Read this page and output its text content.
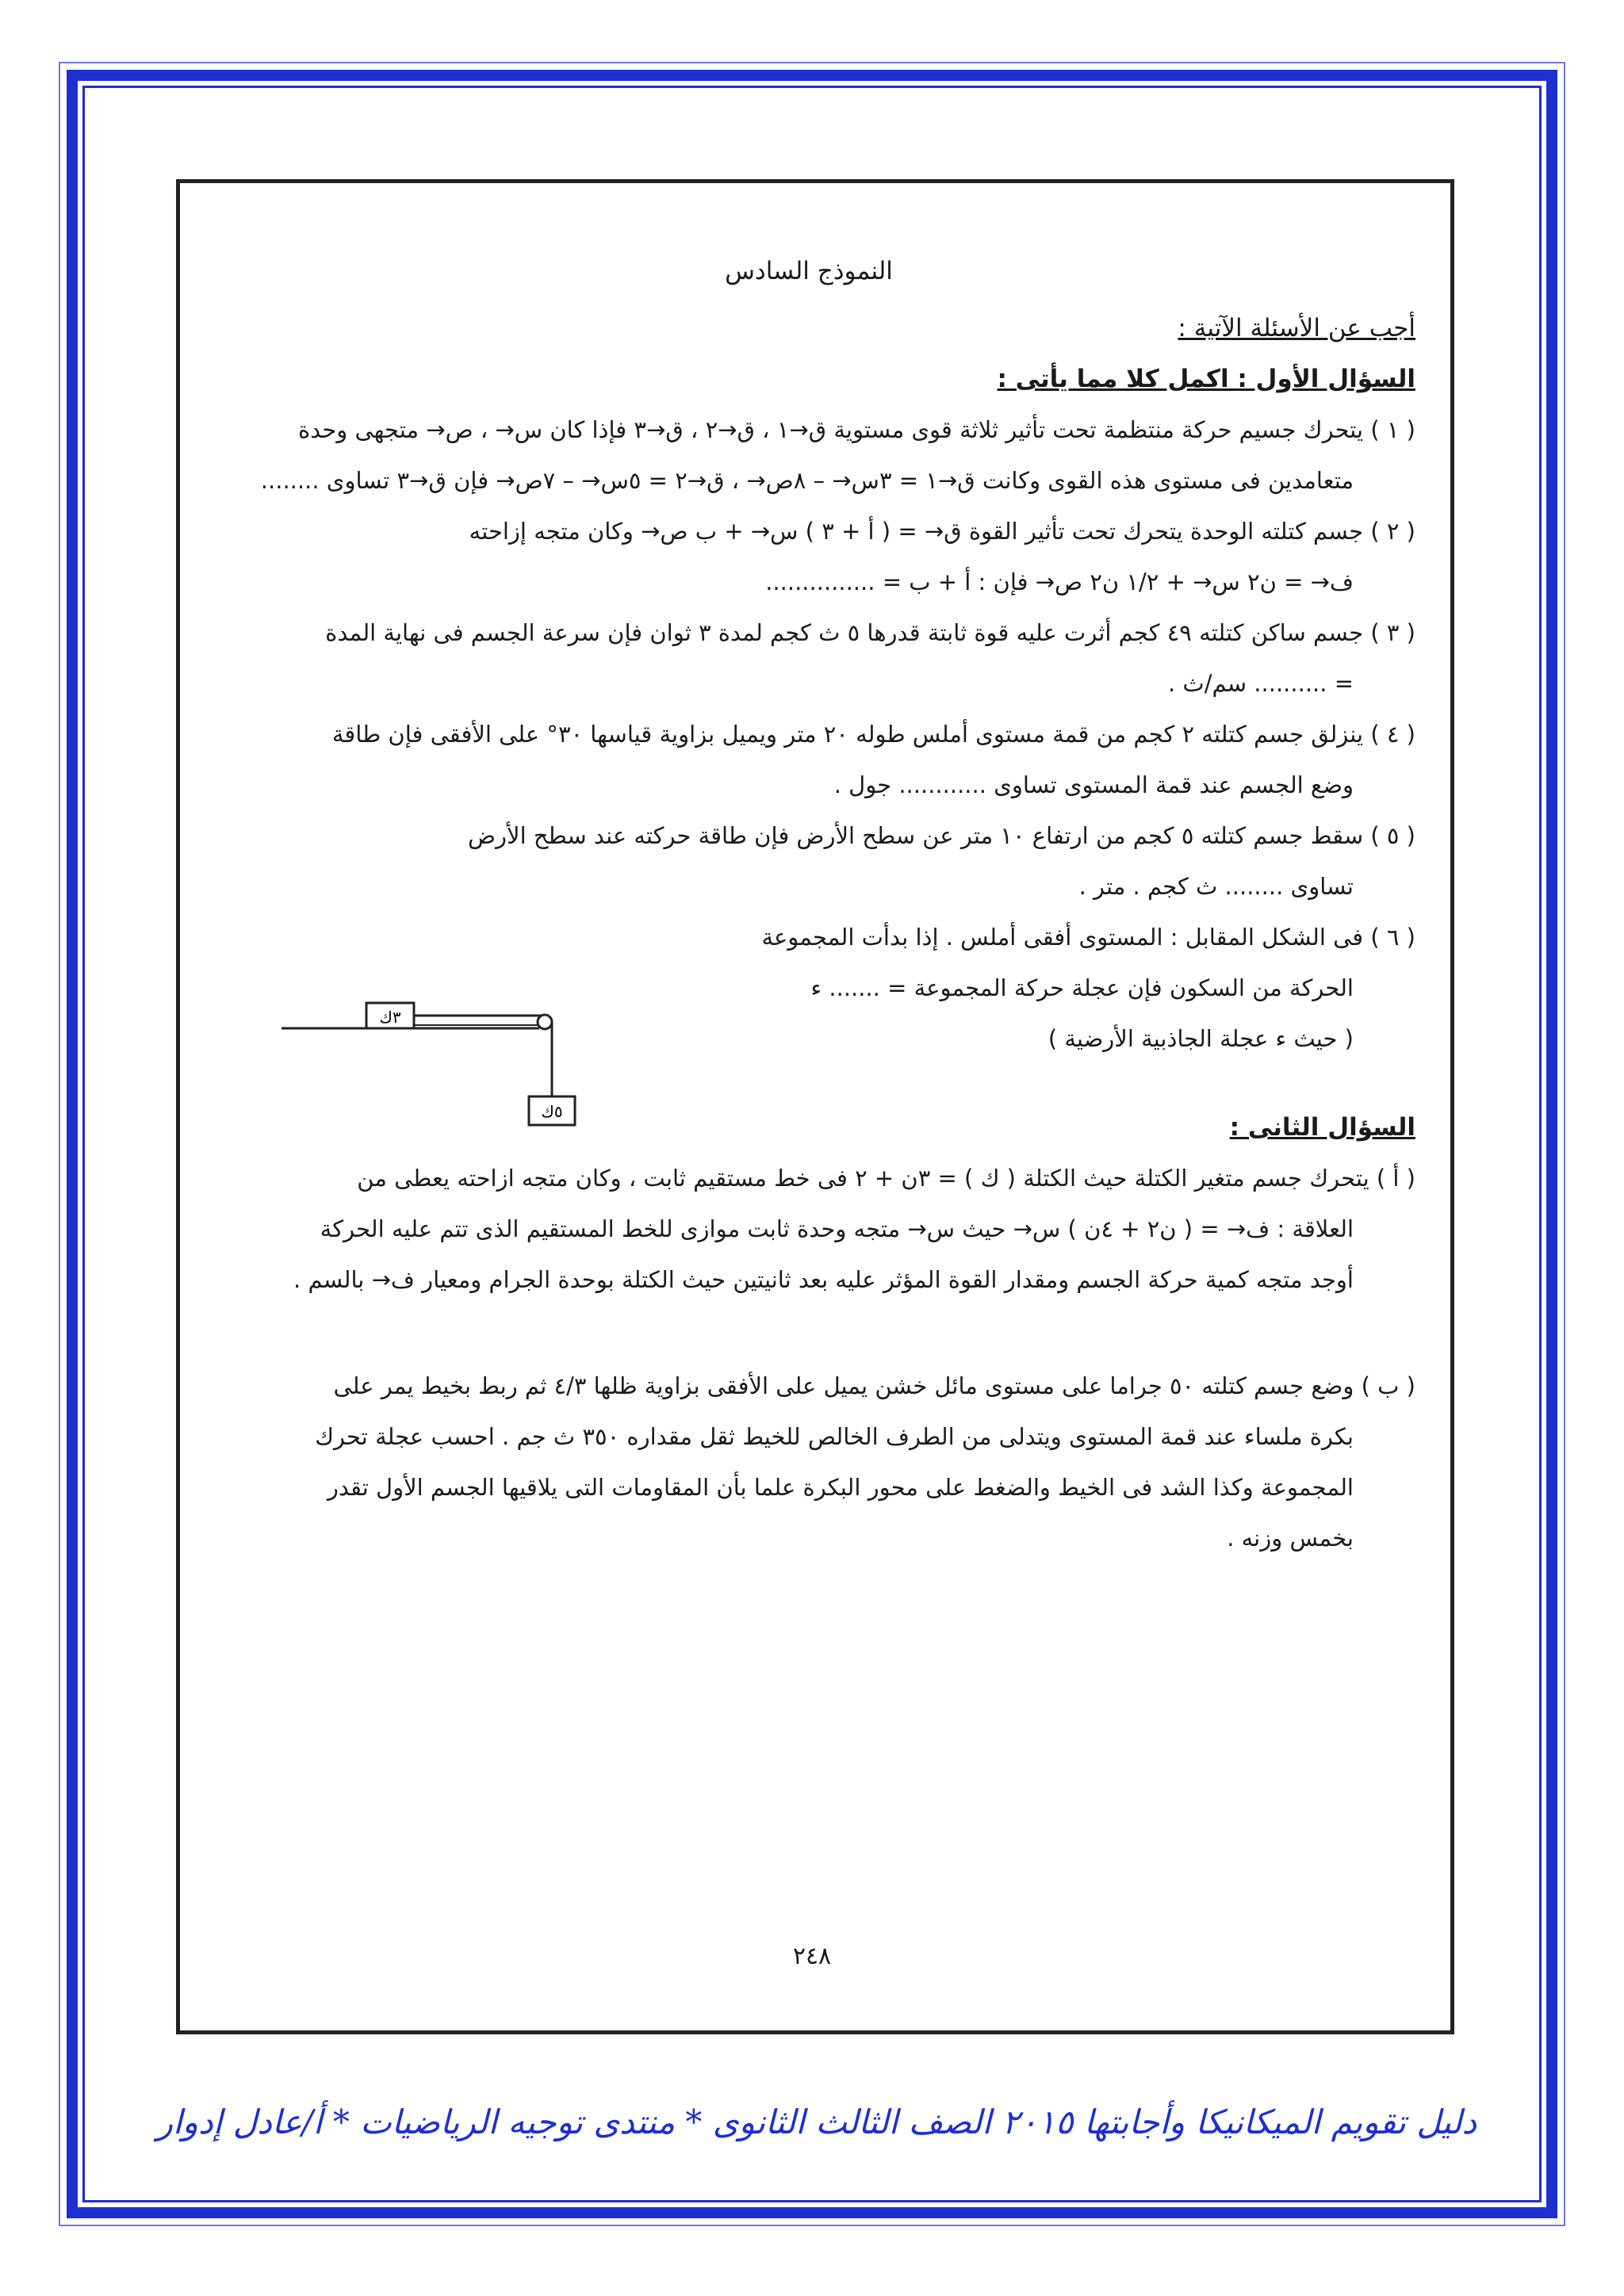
النموذج السادس
أجب عن الأسئلة الآتية :
السؤال الأول : اكمل كلا مما يأتى :
( ١ ) يتحرك جسيم حركة منتظمة تحت تأثير ثلاثة قوى مستوية ق→١ ، ق→٢ ، ق→٣ فإذا كان س→ ، ص→ متجهى وحدة
متعامدين فى مستوى هذه القوى وكانت ق→١ = ٣س→ – ٨ص→ ، ق→٢ = ٥س→ – ٧ص→ فإن ق→٣ تساوى ........
( ٢ ) جسم كتلته الوحدة يتحرك تحت تأثير القوة ق→ = ( أ + ٣ ) س→ + ب ص→ وكان متجه إزاحته
ف→ = ن٢ س→ + ١/٢ ن٢ ص→ فإن : أ + ب = ...............
( ٣ ) جسم ساكن كتلته ٤٩ كجم أثرت عليه قوة ثابتة قدرها ٥ ث كجم لمدة ٣ ثوان فإن سرعة الجسم فى نهاية المدة
= .......... سم/ث .
( ٤ ) ينزلق جسم كتلته ٢ كجم من قمة مستوى أملس طوله ٢٠ متر ويميل بزاوية قياسها ٣٠° على الأفقى فإن طاقة
وضع الجسم عند قمة المستوى تساوى ............ جول .
( ٥ ) سقط جسم كتلته ٥ كجم من ارتفاع ١٠ متر عن سطح الأرض فإن طاقة حركته عند سطح الأرض
تساوى ........ ث كجم . متر .
( ٦ ) فى الشكل المقابل : المستوى أفقى أملس . إذا بدأت المجموعة
الحركة من السكون فإن عجلة حركة المجموعة = ....... ء
( حيث ء عجلة الجاذبية الأرضية )
السؤال الثانى :
( أ ) يتحرك جسم متغير الكتلة حيث الكتلة ( ك ) = ٣ن + ٢ فى خط مستقيم ثابت ، وكان متجه ازاحته يعطى من
العلاقة : ف→ = ( ن٢ + ٤ن ) س→ حيث س→ متجه وحدة ثابت موازى للخط المستقيم الذى تتم عليه الحركة
أوجد متجه كمية حركة الجسم ومقدار القوة المؤثر عليه بعد ثانيتين حيث الكتلة بوحدة الجرام ومعيار ف→ بالسم .
( ب ) وضع جسم كتلته ٥٠ جراما على مستوى مائل خشن يميل على الأفقى بزاوية ظلها ٤/٣ ثم ربط بخيط يمر على
بكرة ملساء عند قمة المستوى ويتدلى من الطرف الخالص للخيط ثقل مقداره ٣٥٠ ث جم . احسب عجلة تحرك
المجموعة وكذا الشد فى الخيط والضغط على محور البكرة علما بأن المقاومات التى يلاقيها الجسم الأول تقدر
بخمس وزنه .
٣ك
٥ك
٢٤٨
دليل تقويم الميكانيكا وأجابتها ٢٠١٥ الصف الثالث الثانوى * منتدى توجيه الرياضيات * أ/عادل إدوار
